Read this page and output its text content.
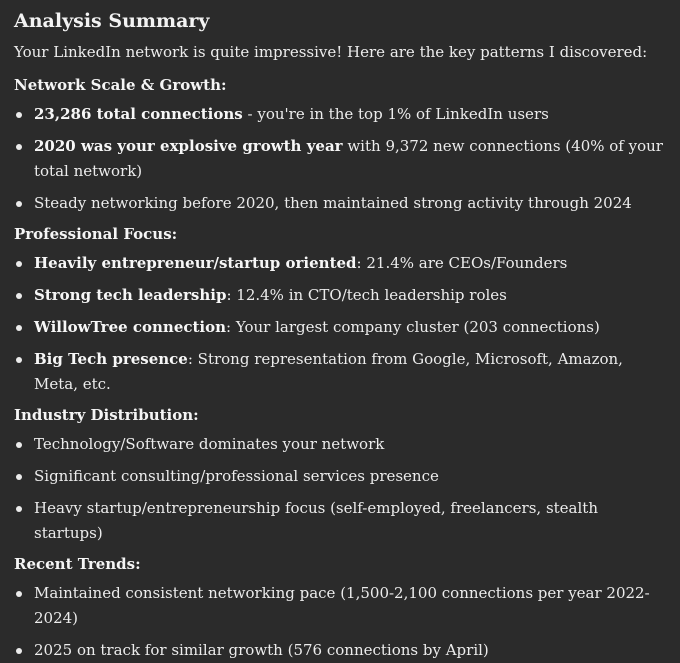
Analysis Summary

Your LinkedIn network is quite impressive! Here are the key patterns I discovered:

Network Scale & Growth:
23,286 total connections - you're in the top 1% of LinkedIn users
2020 was your explosive growth year with 9,372 new connections (40% of your total network)
Steady networking before 2020, then maintained strong activity through 2024
Professional Focus:
Heavily entrepreneur/startup oriented: 21.4% are CEOs/Founders
Strong tech leadership: 12.4% in CTO/tech leadership roles
WillowTree connection: Your largest company cluster (203 connections)
Big Tech presence: Strong representation from Google, Microsoft, Amazon, Meta, etc.
Industry Distribution:
Technology/Software dominates your network
Significant consulting/professional services presence
Heavy startup/entrepreneurship focus (self-employed, freelancers, stealth startups)
Recent Trends:
Maintained consistent networking pace (1,500-2,100 connections per year 2022-2024)
2025 on track for similar growth (576 connections by April)
